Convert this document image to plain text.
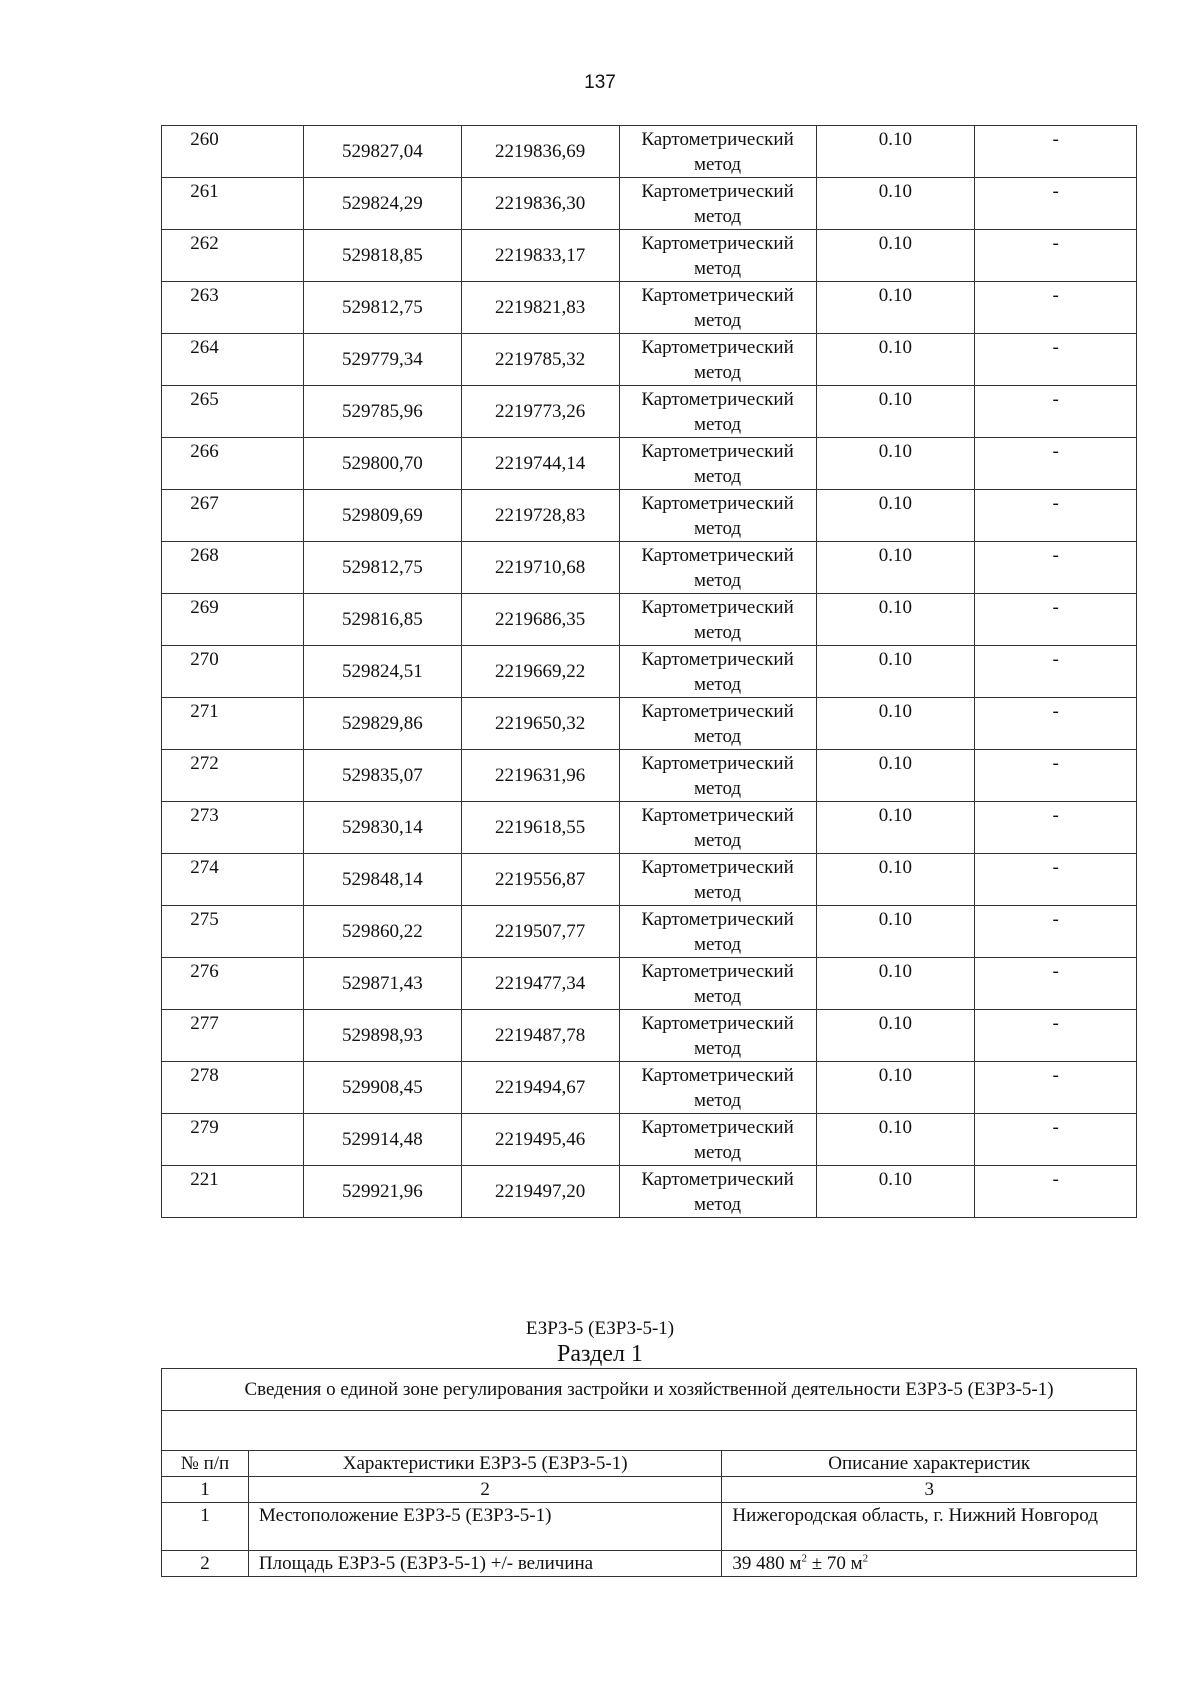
137
260	529827,04	2219836,69	Картометрический метод	0.10	-
261	529824,29	2219836,30	Картометрический метод	0.10	-
262	529818,85	2219833,17	Картометрический метод	0.10	-
263	529812,75	2219821,83	Картометрический метод	0.10	-
264	529779,34	2219785,32	Картометрический метод	0.10	-
265	529785,96	2219773,26	Картометрический метод	0.10	-
266	529800,70	2219744,14	Картометрический метод	0.10	-
267	529809,69	2219728,83	Картометрический метод	0.10	-
268	529812,75	2219710,68	Картометрический метод	0.10	-
269	529816,85	2219686,35	Картометрический метод	0.10	-
270	529824,51	2219669,22	Картометрический метод	0.10	-
271	529829,86	2219650,32	Картометрический метод	0.10	-
272	529835,07	2219631,96	Картометрический метод	0.10	-
273	529830,14	2219618,55	Картометрический метод	0.10	-
274	529848,14	2219556,87	Картометрический метод	0.10	-
275	529860,22	2219507,77	Картометрический метод	0.10	-
276	529871,43	2219477,34	Картометрический метод	0.10	-
277	529898,93	2219487,78	Картометрический метод	0.10	-
278	529908,45	2219494,67	Картометрический метод	0.10	-
279	529914,48	2219495,46	Картометрический метод	0.10	-
221	529921,96	2219497,20	Картометрический метод	0.10	-
ЕЗРЗ-5 (ЕЗРЗ-5-1)
Раздел 1
Сведения о единой зоне регулирования застройки и хозяйственной деятельности ЕЗРЗ-5 (ЕЗРЗ-5-1)		

№ п/п	Характеристики ЕЗРЗ-5 (ЕЗРЗ-5-1)	Описание характеристик
1	2	3
1	Местоположение ЕЗРЗ-5 (ЕЗРЗ-5-1)	Нижегородская область, г. Нижний Новгород
2	Площадь ЕЗРЗ-5 (ЕЗРЗ-5-1) +/- величина	39 480 $м^2 \pm 70$ $м^2$
